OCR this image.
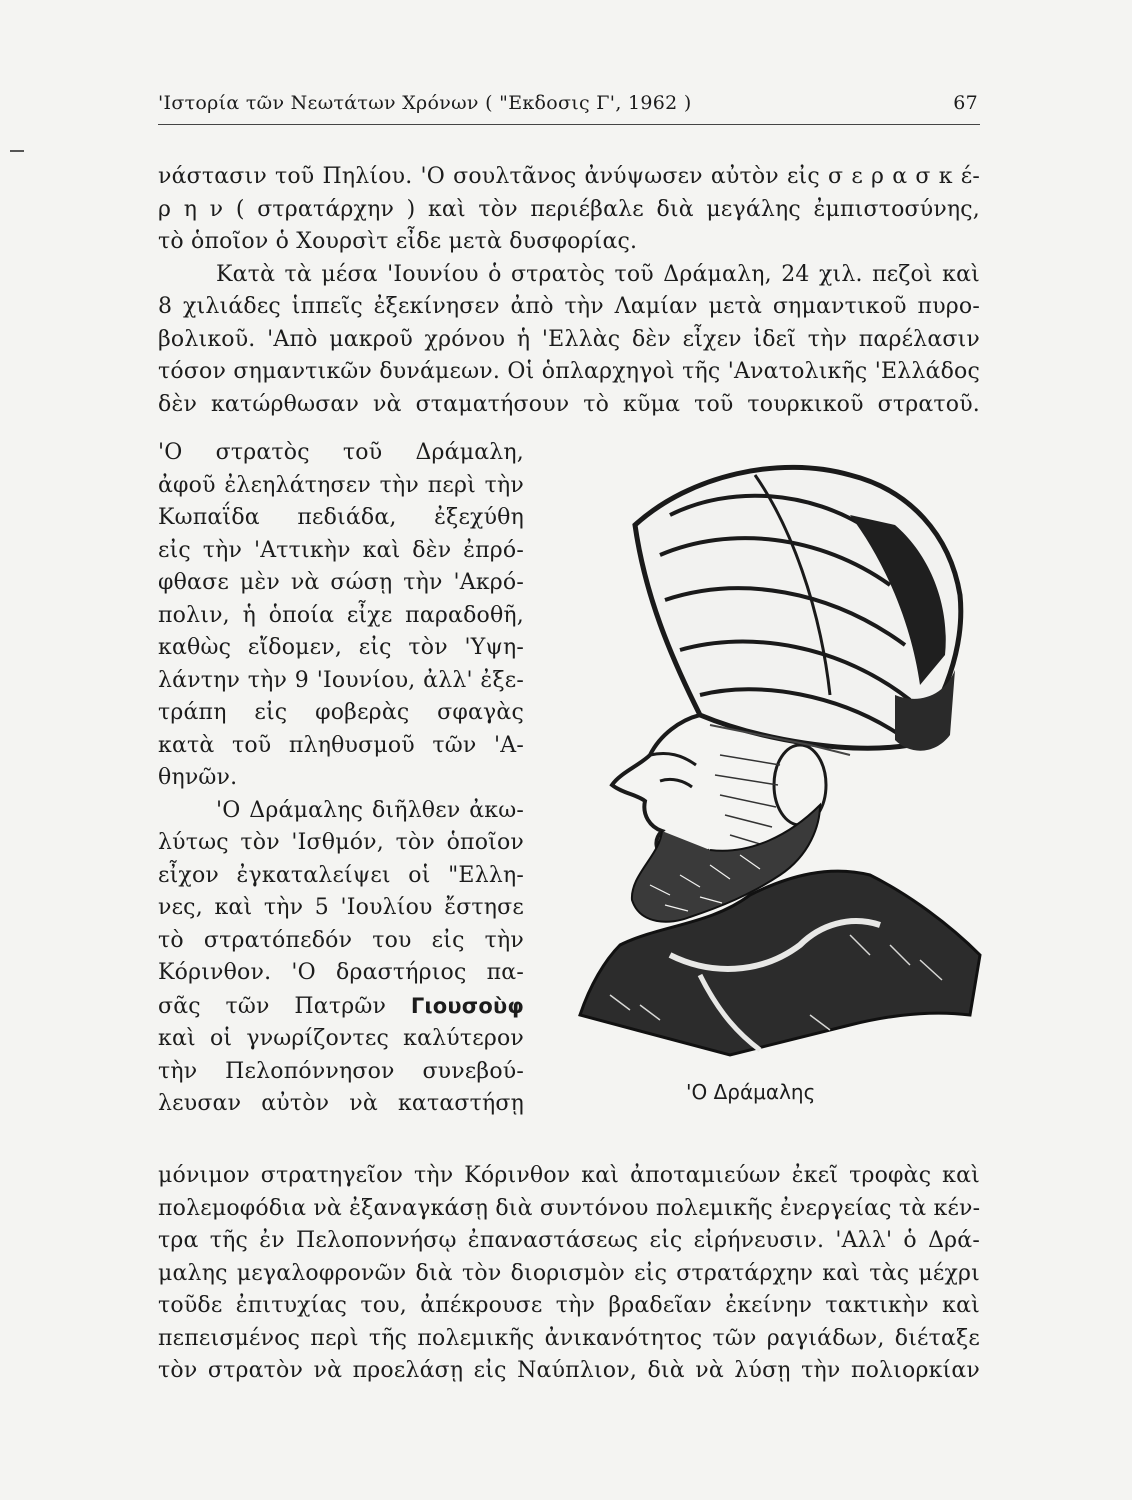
'Ιστορία τῶν Νεωτάτων Χρόνων ( "Εκδοσις Γ', 1962 )	67
νάστασιν τοῦ Πηλίου. 'Ο σουλτᾶνος ἀνύψωσεν αὐτὸν εἰς σ ε ρ α σ κ έ-
ρ η ν ( στρατάρχην ) καὶ τὸν περιέβαλε διὰ μεγάλης ἐμπιστοσύνης,
τὸ ὁποῖον ὁ Χουρσὶτ εἶδε μετὰ δυσφορίας.
Κατὰ τὰ μέσα 'Ιουνίου ὁ στρατὸς τοῦ Δράμαλη, 24 χιλ. πεζοὶ καὶ
8 χιλιάδες ἱππεῖς ἐξεκίνησεν ἀπὸ τὴν Λαμίαν μετὰ σημαντικοῦ πυρο-
βολικοῦ. 'Απὸ μακροῦ χρόνου ἡ 'Ελλὰς δὲν εἶχεν ἰδεῖ τὴν παρέλασιν
τόσον σημαντικῶν δυνάμεων. Οἱ ὁπλαρχηγοὶ τῆς 'Ανατολικῆς 'Ελλάδος
δὲν κατώρθωσαν νὰ σταματήσουν τὸ κῦμα τοῦ τουρκικοῦ στρατοῦ.
'Ο στρατὸς τοῦ Δράμαλη,
ἀφοῦ ἐλεηλάτησεν τὴν περὶ τὴν
Κωπαΐδα πεδιάδα, ἐξεχύθη
εἰς τὴν 'Αττικὴν καὶ δὲν ἐπρό-
φθασε μὲν νὰ σώσῃ τὴν 'Ακρό-
πολιν, ἡ ὁποία εἶχε παραδοθῆ,
καθὼς εἴδομεν, εἰς τὸν 'Υψη-
λάντην τὴν 9 'Ιουνίου, ἀλλ' ἐξε-
τράπη εἰς φοβερὰς σφαγὰς
κατὰ τοῦ πληθυσμοῦ τῶν 'Α-
θηνῶν.
'Ο Δράμαλης διῆλθεν ἀκω-
λύτως τὸν 'Ισθμόν, τὸν ὁποῖον
εἶχον ἐγκαταλείψει οἱ "Ελλη-
νες, καὶ τὴν 5 'Ιουλίου ἔστησε
τὸ στρατόπεδόν του εἰς τὴν
Κόρινθον. 'Ο δραστήριος πα-
σᾶς τῶν Πατρῶν Γιουσοὺφ
καὶ οἱ γνωρίζοντες καλύτερον
τὴν Πελοπόννησον συνεβού-
λευσαν αὐτὸν νὰ καταστήσῃ	'Ο Δράμαλης
μόνιμον στρατηγεῖον τὴν Κόρινθον καὶ ἀποταμιεύων ἐκεῖ τροφὰς καὶ
πολεμοφόδια νὰ ἐξαναγκάσῃ διὰ συντόνου πολεμικῆς ἐνεργείας τὰ κέν-
τρα τῆς ἐν Πελοποννήσῳ ἐπαναστάσεως εἰς εἰρήνευσιν. 'Αλλ' ὁ Δρά-
μαλης μεγαλοφρονῶν διὰ τὸν διορισμὸν εἰς στρατάρχην καὶ τὰς μέχρι
τοῦδε ἐπιτυχίας του, ἀπέκρουσε τὴν βραδεῖαν ἐκείνην τακτικὴν καὶ
πεπεισμένος περὶ τῆς πολεμικῆς ἀνικανότητος τῶν ραγιάδων, διέταξε
τὸν στρατὸν νὰ προελάσῃ εἰς Ναύπλιον, διὰ νὰ λύσῃ τὴν πολιορκίαν
